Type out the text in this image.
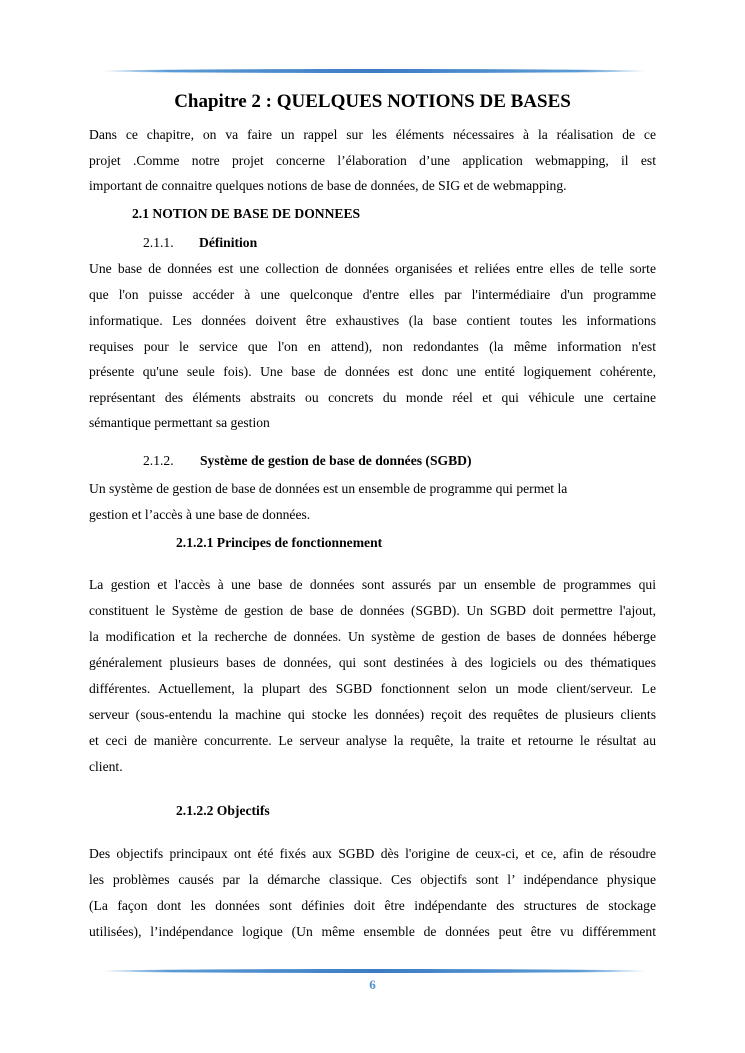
Chapitre 2 : QUELQUES NOTIONS DE BASES
Dans ce chapitre, on va faire un rappel sur les éléments nécessaires à la réalisation de ce
projet .Comme notre projet concerne l’élaboration d’une application webmapping, il est
important de connaitre quelques notions de base de données, de SIG et de webmapping.
2.1 NOTION DE BASE DE DONNEES
2.1.1. Définition
Une base de données est une collection de données organisées et reliées entre elles de telle sorte
que l'on puisse accéder à une quelconque d'entre elles par l'intermédiaire d'un programme
informatique. Les données doivent être exhaustives (la base contient toutes les informations
requises pour le service que l'on en attend), non redondantes (la même information n'est
présente qu'une seule fois). Une base de données est donc une entité logiquement cohérente,
représentant des éléments abstraits ou concrets du monde réel et qui véhicule une certaine
sémantique permettant sa gestion
2.1.2. Système de gestion de base de données (SGBD)
Un système de gestion de base de données est un ensemble de programme qui permet la
gestion et l’accès à une base de données.
2.1.2.1 Principes de fonctionnement
La gestion et l'accès à une base de données sont assurés par un ensemble de programmes qui
constituent le Système de gestion de base de données (SGBD). Un SGBD doit permettre l'ajout,
la modification et la recherche de données. Un système de gestion de bases de données héberge
généralement plusieurs bases de données, qui sont destinées à des logiciels ou des thématiques
différentes. Actuellement, la plupart des SGBD fonctionnent selon un mode client/serveur. Le
serveur (sous-entendu la machine qui stocke les données) reçoit des requêtes de plusieurs clients
et ceci de manière concurrente. Le serveur analyse la requête, la traite et retourne le résultat au
client.
2.1.2.2 Objectifs
Des objectifs principaux ont été fixés aux SGBD dès l'origine de ceux-ci, et ce, afin de résoudre
les problèmes causés par la démarche classique. Ces objectifs sont l’ indépendance physique
(La façon dont les données sont définies doit être indépendante des structures de stockage
utilisées), l’indépendance logique (Un même ensemble de données peut être vu différemment
6
